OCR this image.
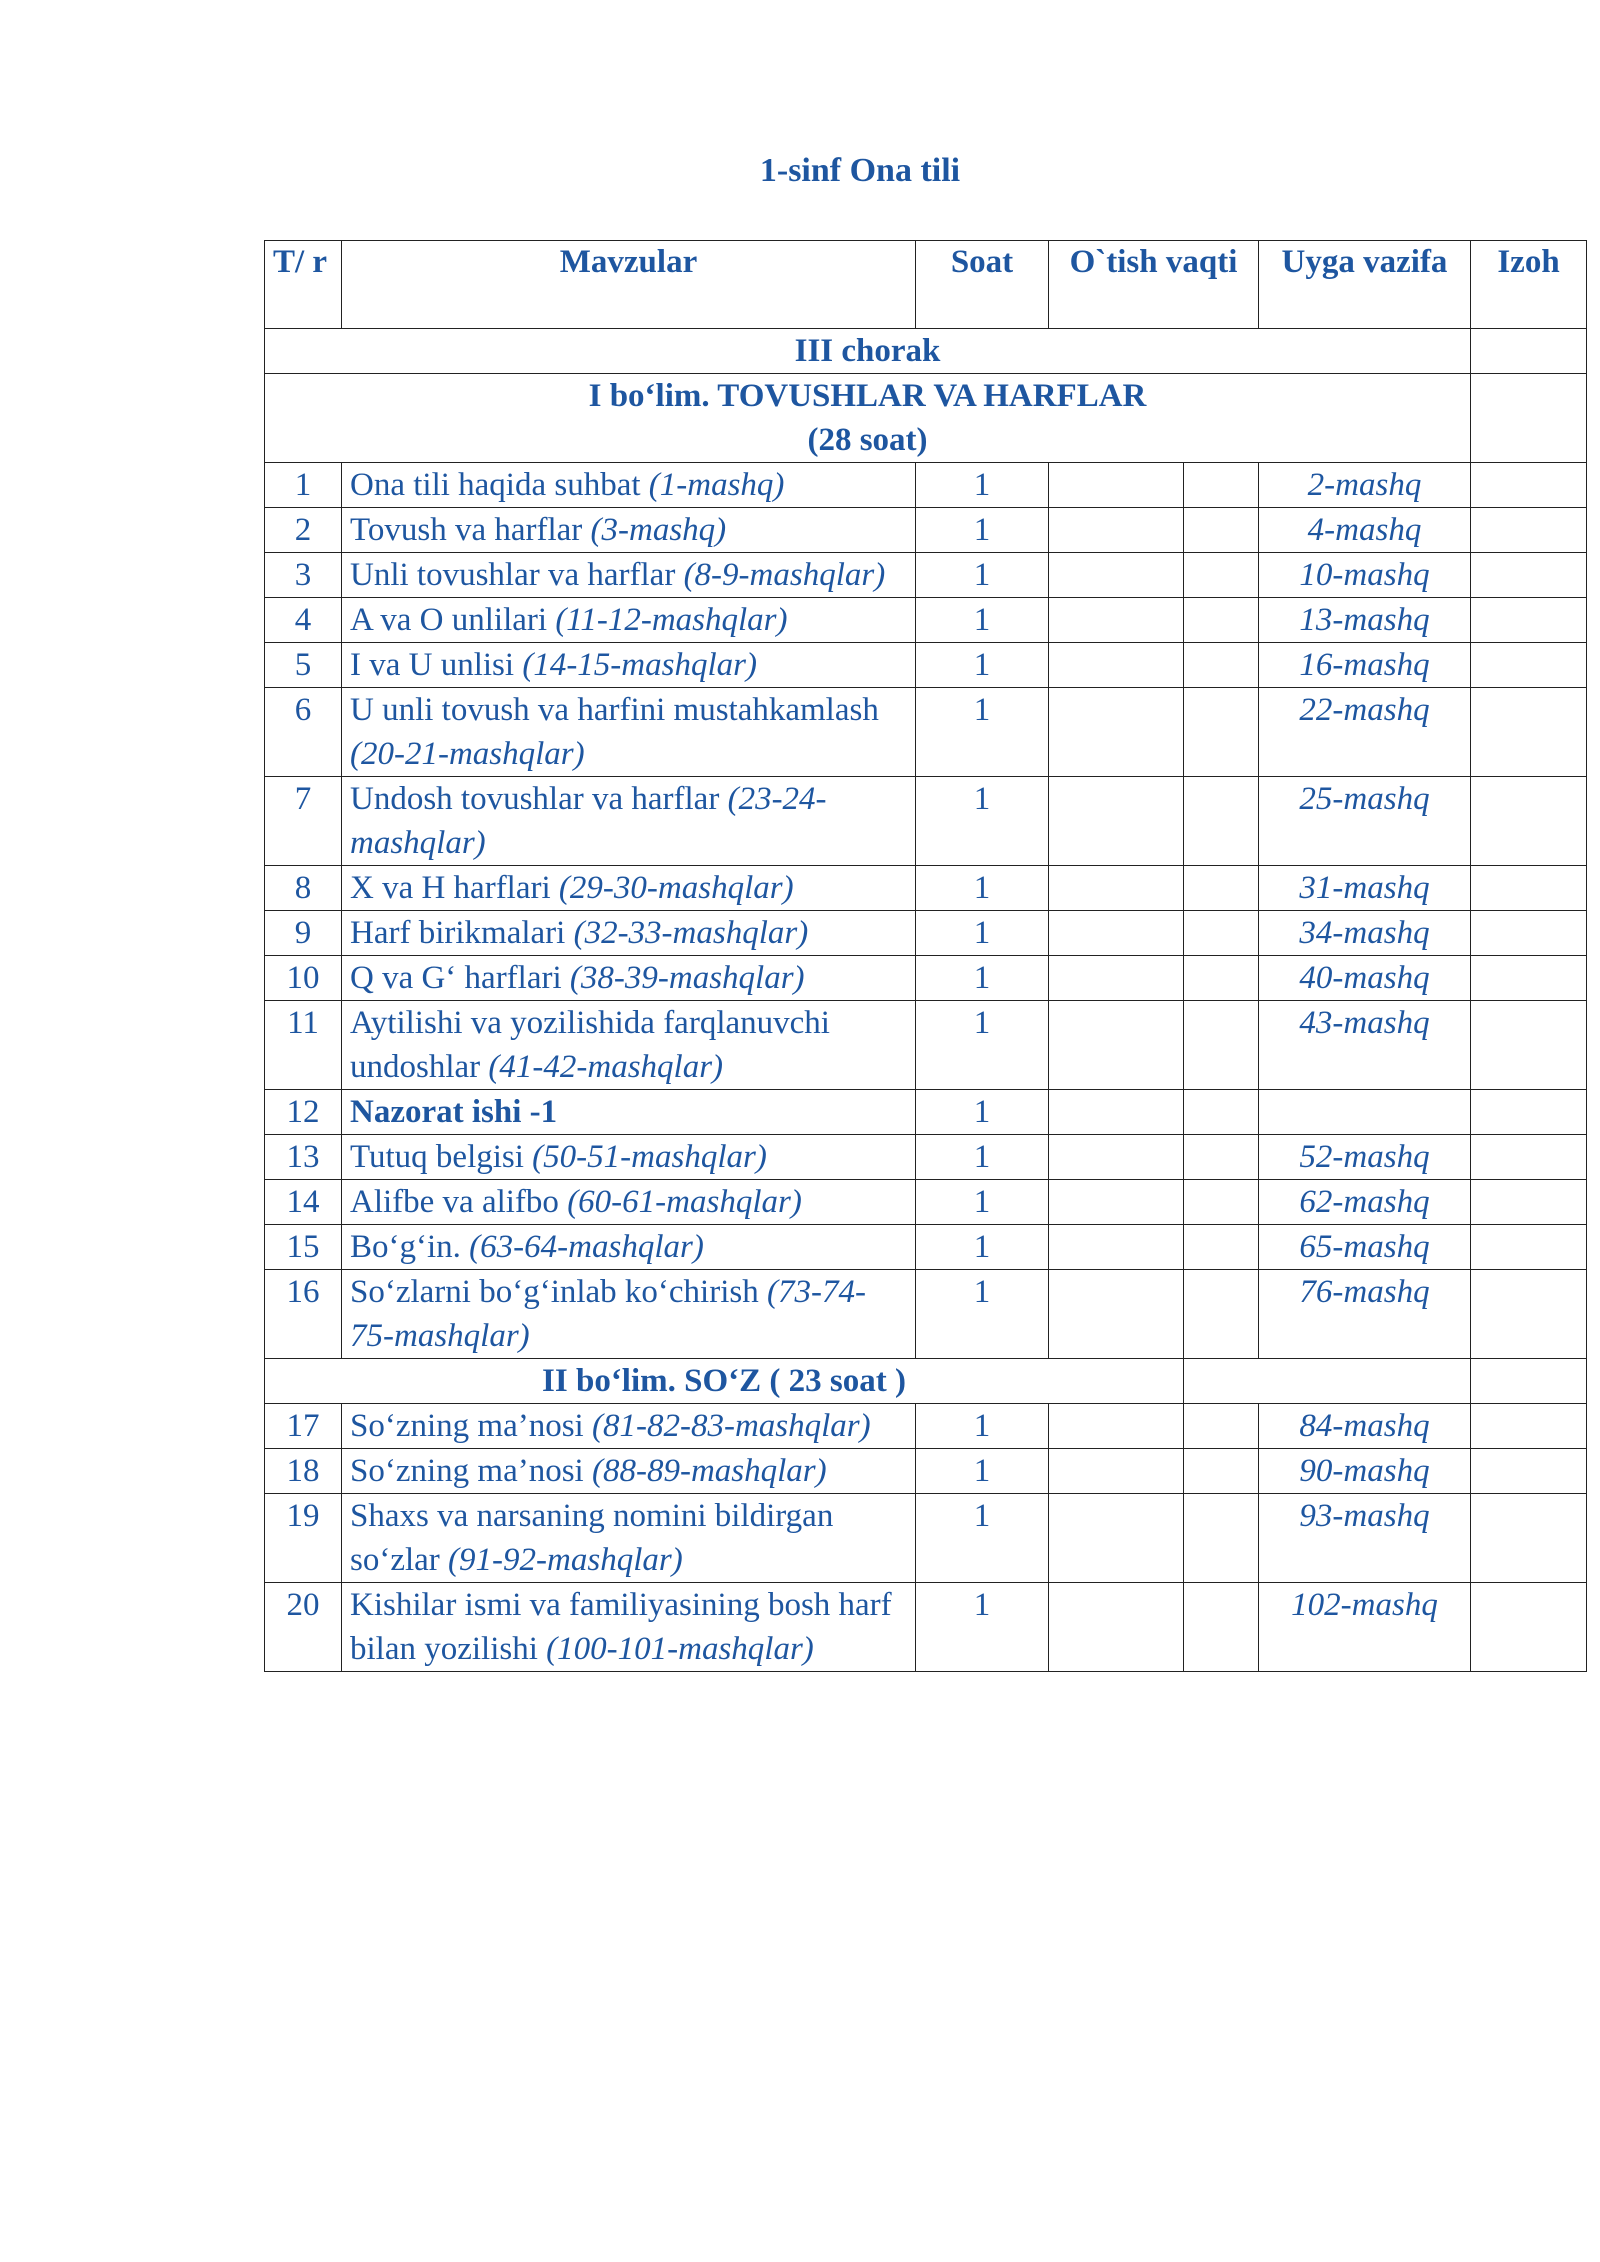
1-sinf Ona tili
T/ r	Mavzular	Soat	O`tish vaqti		Uyga vazifa	Izoh
III chorak						

I bo‘lim. TOVUSHLAR VA HARFLAR
(28 soat)						

1	Ona tili haqida suhbat (1-mashq)	1			2-mashq	
2	Tovush va harflar (3-mashq)	1			4-mashq	
3	Unli tovushlar va harflar (8-9-mashqlar)	1			10-mashq	
4	A va O unlilari (11-12-mashqlar)	1			13-mashq	
5	I va U unlisi (14-15-mashqlar)	1			16-mashq	
6	U unli tovush va harfini mustahkamlash (20-21-mashqlar)	1			22-mashq	
7	Undosh tovushlar va harflar (23-24-mashqlar)	1			25-mashq	
8	X va H harflari (29-30-mashqlar)	1			31-mashq	
9	Harf birikmalari (32-33-mashqlar)	1			34-mashq	
10	Q va G‘ harflari (38-39-mashqlar)	1			40-mashq	
11	Aytilishi va yozilishida farqlanuvchi undoshlar (41-42-mashqlar)	1			43-mashq	
12	Nazorat ishi -1	1				
13	Tutuq belgisi (50-51-mashqlar)	1			52-mashq	
14	Alifbe va alifbo (60-61-mashqlar)	1			62-mashq	
15	Bo‘g‘in. (63-64-mashqlar)	1			65-mashq	
16	So‘zlarni bo‘g‘inlab ko‘chirish (73-74-75-mashqlar)	1			76-mashq	
II bo‘lim. SO‘Z ( 23 soat )						
17	So‘zning ma’nosi (81-82-83-mashqlar)	1			84-mashq	
18	So‘zning ma’nosi (88-89-mashqlar)	1			90-mashq	
19	Shaxs va narsaning nomini bildirgan so‘zlar (91-92-mashqlar)	1			93-mashq	
20	Kishilar ismi va familiyasining bosh harf bilan yozilishi (100-101-mashqlar)	1			102-mashq	
